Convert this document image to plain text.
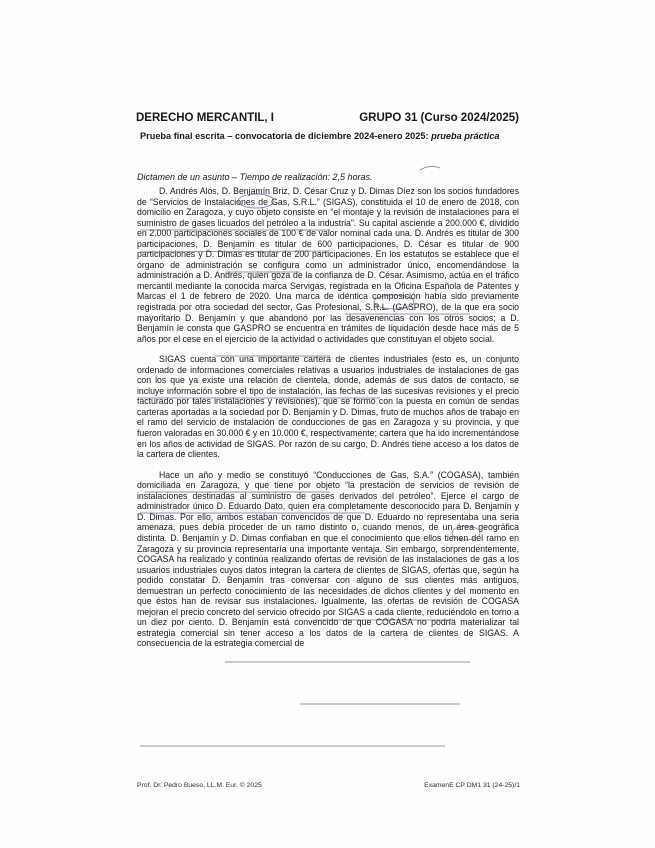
DERECHO MERCANTIL, I	GRUPO 31 (Curso 2024/2025)
Prueba final escrita – convocatoria de diciembre 2024-enero 2025: prueba práctica
Dictamen de un asunto – Tiempo de realización: 2,5 horas.

D. Andrés Alós, D. Benjamín Briz, D. César Cruz y D. Dimas Díez son los socios fundadores de “Servicios de Instalaciones de Gas, S.R.L.” (SIGAS), constituida el 10 de enero de 2018, con domicilio en Zaragoza, y cuyo objeto consiste en “el montaje y la revisión de instalaciones para el suministro de gases licuados del petróleo a la industria”. Su capital asciende a 200.000 €, dividido en 2.000 participaciones sociales de 100 € de valor nominal cada una. D. Andrés es titular de 300 participaciones, D. Benjamín es titular de 600 participaciones, D. César es titular de 900 participaciones y D. Dimas es titular de 200 participaciones. En los estatutos se establece que el órgano de administración se configura como un administrador único, encomendándose la administración a D. Andrés, quien goza de la confianza de D. César. Asimismo, actúa en el tráfico mercantil mediante la conocida marca Servigas, registrada en la Oficina Española de Patentes y Marcas el 1 de febrero de 2020. Una marca de idéntica composición había sido previamente registrada por otra sociedad del sector, Gas Profesional, S.R.L. (GASPRO), de la que era socio mayoritario D. Benjamín y que abandonó por las desavenencias con los otros socios; a D. Benjamín le consta que GASPRO se encuentra en trámites de liquidación desde hace más de 5 años por el cese en el ejercicio de la actividad o actividades que constituyan el objeto social.

SIGAS cuenta con una importante cartera de clientes industriales (esto es, un conjunto ordenado de informaciones comerciales relativas a usuarios industriales de instalaciones de gas con los que ya existe una relación de clientela, donde, además de sus datos de contacto, se incluye información sobre el tipo de instalación, las fechas de las sucesivas revisiones y el precio facturado por tales instalaciones y revisiones), que se formó con la puesta en común de sendas carteras aportadas a la sociedad por D. Benjamín y D. Dimas, fruto de muchos años de trabajo en el ramo del servicio de instalación de conducciones de gas en Zaragoza y su provincia, y que fueron valoradas en 30.000 € y en 10.000 €, respectivamente; cartera que ha ido incrementándose en los años de actividad de SIGAS. Por razón de su cargo, D. Andrés tiene acceso a los datos de la cartera de clientes.

Hace un año y medio se constituyó “Conducciones de Gas, S.A.” (COGASA), también domiciliada en Zaragoza, y que tiene por objeto “la prestación de servicios de revisión de instalaciones destinadas al suministro de gases derivados del petróleo”. Ejerce el cargo de administrador único D. Eduardo Dato, quien era completamente desconocido para D. Benjamín y D. Dimas. Por ello, ambos estaban convencidos de que D. Eduardo no representaba una seria amenaza, pues debía proceder de un ramo distinto o, cuando menos, de un área geográfica distinta. D. Benjamín y D. Dimas confiaban en que el conocimiento que ellos tienen del ramo en Zaragoza y su provincia representaría una importante ventaja. Sin embargo, sorprendentemente, COGASA ha realizado y continúa realizando ofertas de revisión de las instalaciones de gas a los usuarios industriales cuyos datos integran la cartera de clientes de SIGAS, ofertas que, según ha podido constatar D. Benjamín tras conversar con alguno de sus clientes más antiguos, demuestran un perfecto conocimiento de las necesidades de dichos clientes y del momento en que éstos han de revisar sus instalaciones. Igualmente, las ofertas de revisión de COGASA mejoran el precio concreto del servicio ofrecido por SIGAS a cada cliente, reduciéndolo en torno a un diez por ciento. D. Benjamín está convencido de que COGASA no podría materializar tal estrategia comercial sin tener acceso a los datos de la cartera de clientes de SIGAS. A consecuencia de la estrategia comercial de

Prof. Dr. Pedro Bueso, LL.M. Eur. © 2025	ExamenE CP DM1 31 (24-25)/1
